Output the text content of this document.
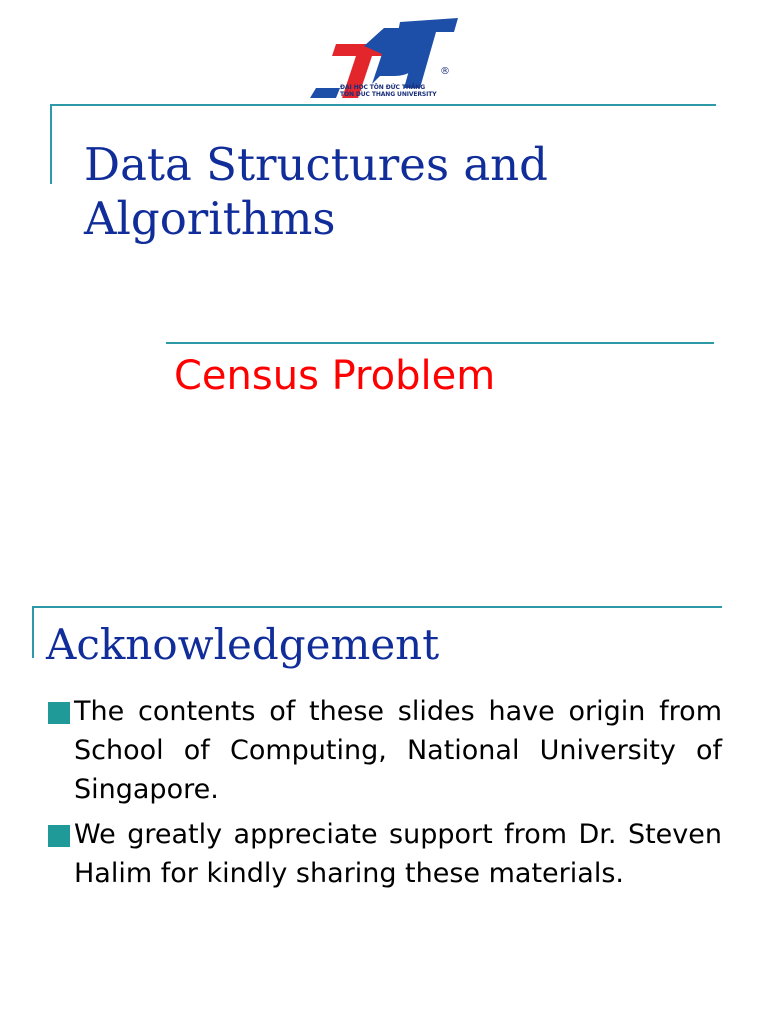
®
ĐẠI HỌC TÔN ĐỨC THẮNG
TON DUC THANG UNIVERSITY
Data Structures and Algorithms
Census Problem
Acknowledgement
The contents of these slides have origin from School of Computing, National University of Singapore.
We greatly appreciate support from Dr. Steven Halim for kindly sharing these materials.
